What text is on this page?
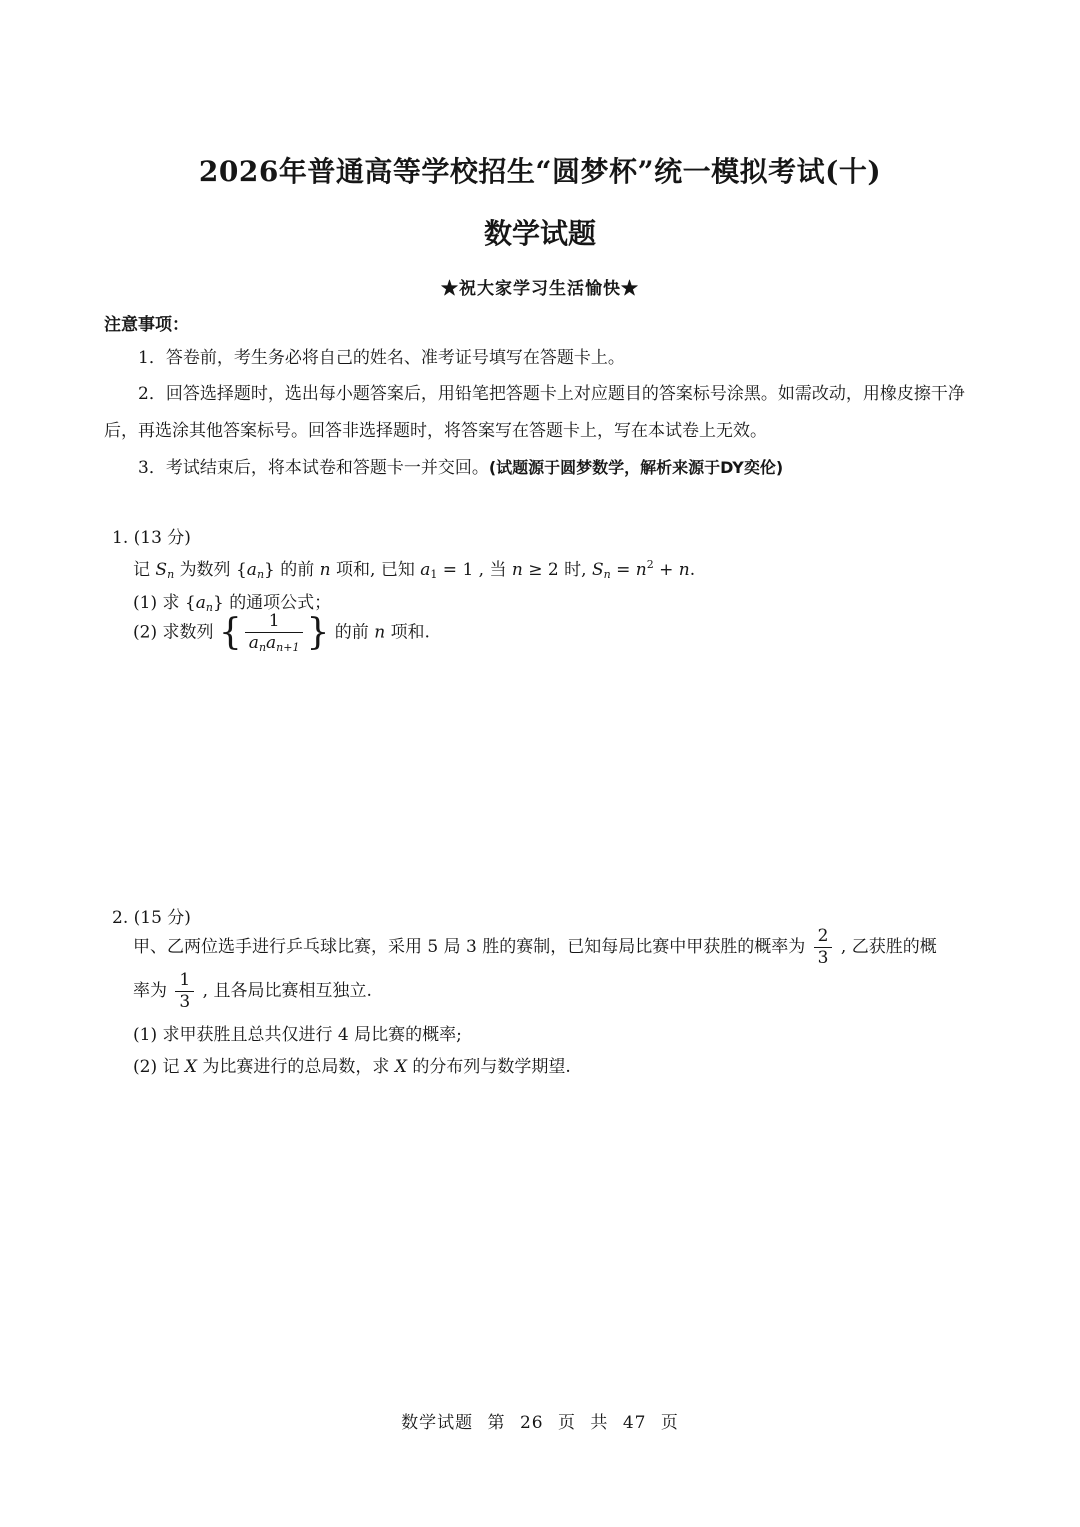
2026年普通高等学校招生“圆梦杯”统一模拟考试(十)
数学试题
★祝大家学习生活愉快★
注意事项：
1．答卷前，考生务必将自己的姓名、准考证号填写在答题卡上。
2．回答选择题时，选出每小题答案后，用铅笔把答题卡上对应题目的答案标号涂黑。如需改动，用橡皮擦干净后，再选涂其他答案标号。回答非选择题时，将答案写在答题卡上，写在本试卷上无效。
3．考试结束后，将本试卷和答题卡一并交回。(试题源于圆梦数学，解析来源于DY奕伦)
1. (13 分)
记 $S_n$ 为数列 $\{a_n\}$ 的前 n 项和, 已知 $a_1 = 1$ , 当 n ≥ 2 时, $S_n = n^2 + n$.
(1) 求 $\{a_n\}$ 的通项公式；
(2) 求数列 { $\frac{1}{a_na_{n+1}}$ } 的前 n 项和.
2. (15 分)
甲、乙两位选手进行乒乓球比赛，采用 5 局 3 胜的赛制，已知每局比赛中甲获胜的概率为 $\frac{2}{3}$ , 乙获胜的概
率为 $\frac{1}{3}$ , 且各局比赛相互独立.
(1) 求甲获胜且总共仅进行 4 局比赛的概率;
(2) 记 X 为比赛进行的总局数，求 X 的分布列与数学期望.
数学试题 第 26 页 共 47 页
